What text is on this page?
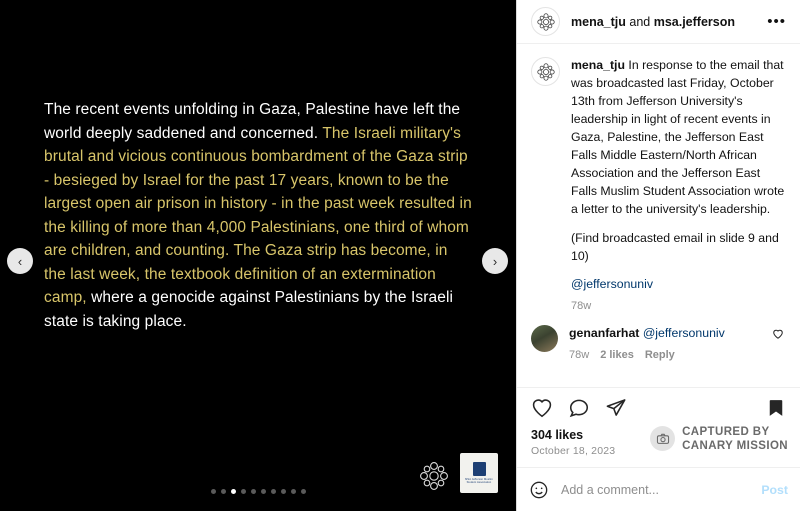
The recent events unfolding in Gaza, Palestine have left the world deeply saddened and concerned. The Israeli military's brutal and vicious continuous bombardment of the Gaza strip - besieged by Israel for the past 17 years, known to be the largest open air prison in history - in the past week resulted in the killing of more than 4,000 Palestinians, one third of whom are children, and counting. The Gaza strip has become, in the last week, the textbook definition of an extermination camp, where a genocide against Palestinians by the Israeli state is taking place.
‹	›
MSA Jefferson Muslim Student Association
mena_tju and msa.jefferson	•••

mena_tju In response to the email that was broadcasted last Friday, October 13th from Jefferson University's leadership in light of recent events in Gaza, Palestine, the Jefferson East Falls Middle Eastern/North African Association and the Jefferson East Falls Muslim Student Association wrote a letter to the university's leadership.

(Find broadcasted email in slide 9 and 10)

@jeffersonuniv

78w
genanfarhat @jeffersonuniv
78w 2 likes Reply
304 likes
October 18, 2023
CAPTURED BY
CANARY MISSION
Add a comment...
Post
